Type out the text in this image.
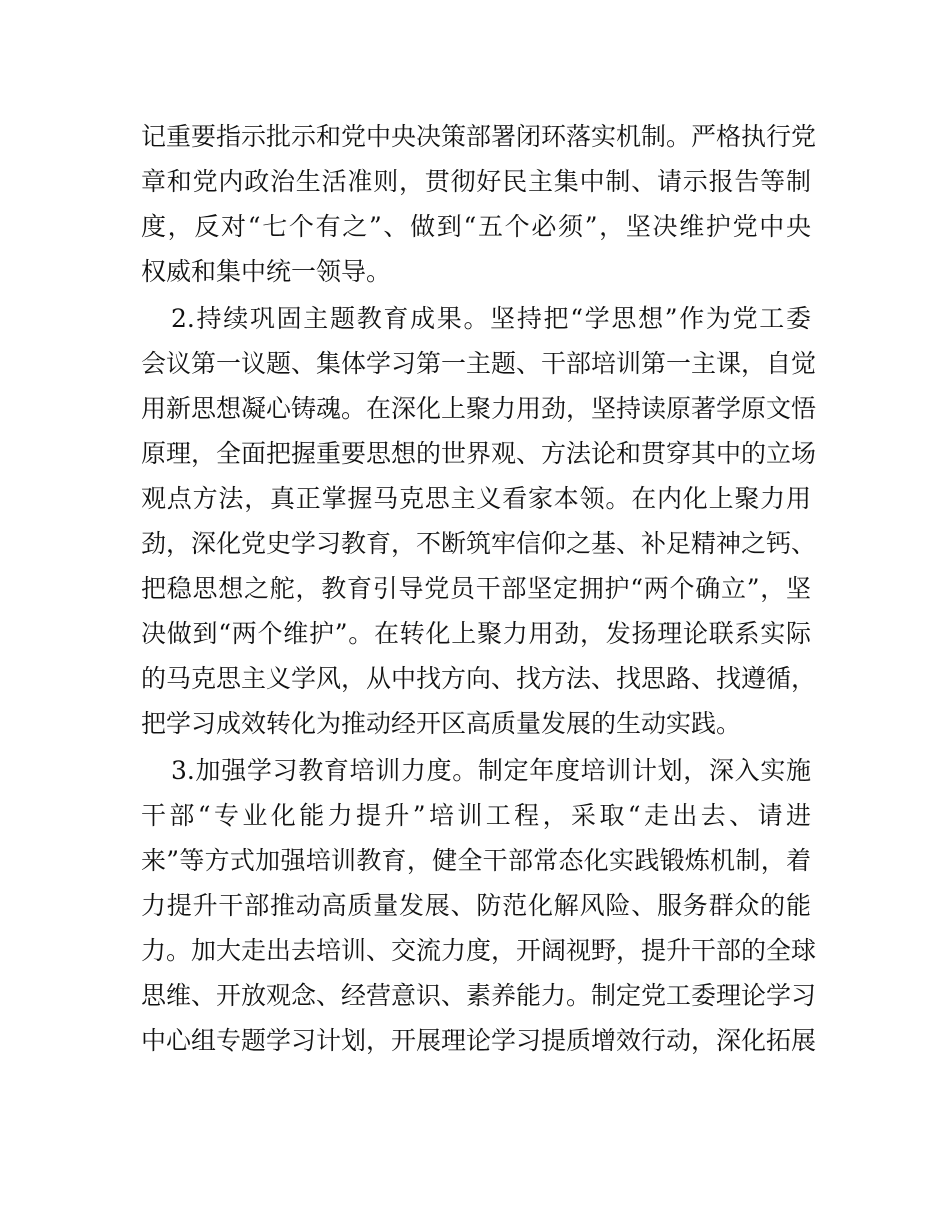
记重要指示批示和党中央决策部署闭环落实机制。严格执行党
章和党内政治生活准则，贯彻好民主集中制、请示报告等制
度，反对“七个有之”、做到“五个必须”，坚决维护党中央
权威和集中统一领导。
2.持续巩固主题教育成果。坚持把“学思想”作为党工委
会议第一议题、集体学习第一主题、干部培训第一主课，自觉
用新思想凝心铸魂。在深化上聚力用劲，坚持读原著学原文悟
原理，全面把握重要思想的世界观、方法论和贯穿其中的立场
观点方法，真正掌握马克思主义看家本领。在内化上聚力用
劲，深化党史学习教育，不断筑牢信仰之基、补足精神之钙、
把稳思想之舵，教育引导党员干部坚定拥护“两个确立”，坚
决做到“两个维护”。在转化上聚力用劲，发扬理论联系实际
的马克思主义学风，从中找方向、找方法、找思路、找遵循，
把学习成效转化为推动经开区高质量发展的生动实践。
3.加强学习教育培训力度。制定年度培训计划，深入实施
干部“专业化能力提升”培训工程，采取“走出去、请进
来”等方式加强培训教育，健全干部常态化实践锻炼机制，着
力提升干部推动高质量发展、防范化解风险、服务群众的能
力。加大走出去培训、交流力度，开阔视野，提升干部的全球
思维、开放观念、经营意识、素养能力。制定党工委理论学习
中心组专题学习计划，开展理论学习提质增效行动，深化拓展
